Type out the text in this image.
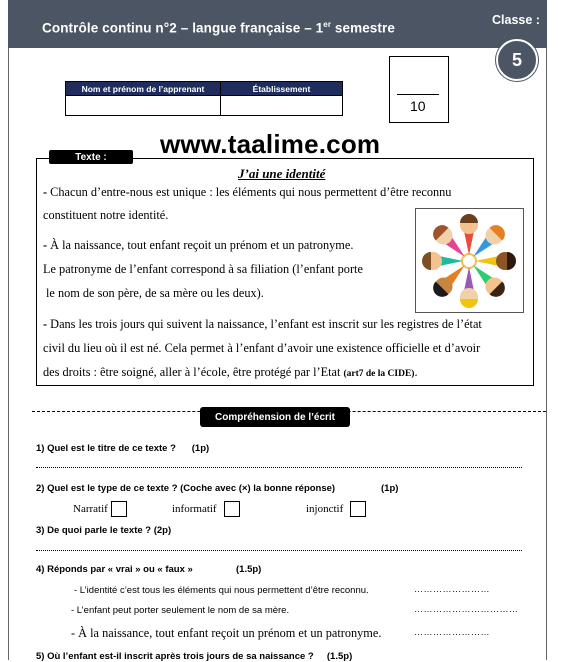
Contrôle continu n°2 – langue française – 1er semestre
Classe :
5
Nom et prénom de l’apprenant	Établissement

10
www.taalime.com
Texte :
J’ai une identité
- Chacun d’entre-nous est unique : les éléments qui nous permettent d’être reconnu
constituent notre identité.
- À la naissance, tout enfant reçoit un prénom et un patronyme.
Le patronyme de l’enfant correspond à sa filiation (l’enfant porte
le nom de son père, de sa mère ou les deux).
- Dans les trois jours qui suivent la naissance, l’enfant est inscrit sur les registres de l’état
civil du lieu où il est né. Cela permet à l’enfant d’avoir une existence officielle et d’avoir
des droits : être soigné, aller à l’école, être protégé par l’Etat (art7 de la CIDE).
Compréhension de l’écrit
1) Quel est le titre de ce texte ?      (1p)
2) Quel est le type de ce texte ? (Coche avec (×) la bonne réponse)	(1p)
Narratif	informatif	injonctif
3) De quoi parle le texte ? (2p)
4) Réponds par « vrai » ou « faux »	(1.5p)
- L’identité c’est tous les éléments qui nous permettent d’être reconnu.	……………………
- L’enfant peut porter seulement le nom de sa mère.	……………………………
- À la naissance, tout enfant reçoit un prénom et un patronyme.	……………………
5) Où l’enfant est-il inscrit après trois jours de sa naissance ?     (1.5p)
